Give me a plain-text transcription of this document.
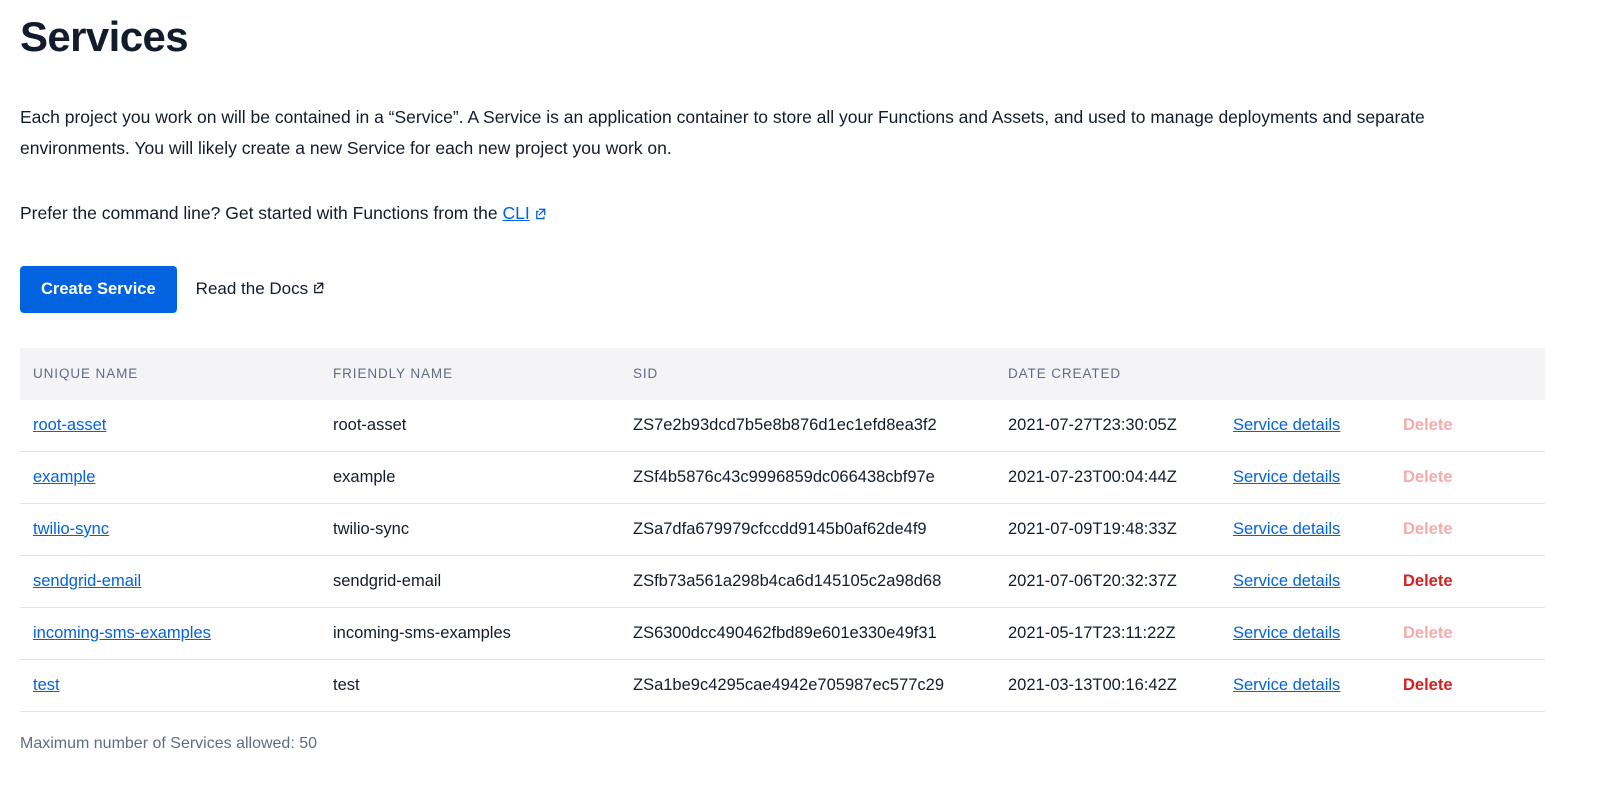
Services

Each project you work on will be contained in a “Service”. A Service is an application container to store all your Functions and Assets, and used to manage deployments and separate environments. You will likely create a new Service for each new project you work on.

Prefer the command line? Get started with Functions from the CLI

Create Service	Read the Docs
UNIQUE NAME	FRIENDLY NAME	SID	DATE CREATED		
root-asset	root-asset	ZS7e2b93dcd7b5e8b876d1ec1efd8ea3f2	2021-07-27T23:30:05Z	Service details	Delete
example	example	ZSf4b5876c43c9996859dc066438cbf97e	2021-07-23T00:04:44Z	Service details	Delete
twilio-sync	twilio-sync	ZSa7dfa679979cfccdd9145b0af62de4f9	2021-07-09T19:48:33Z	Service details	Delete
sendgrid-email	sendgrid-email	ZSfb73a561a298b4ca6d145105c2a98d68	2021-07-06T20:32:37Z	Service details	Delete
incoming-sms-examples	incoming-sms-examples	ZS6300dcc490462fbd89e601e330e49f31	2021-05-17T23:11:22Z	Service details	Delete
test	test	ZSa1be9c4295cae4942e705987ec577c29	2021-03-13T00:16:42Z	Service details	Delete
Maximum number of Services allowed: 50
